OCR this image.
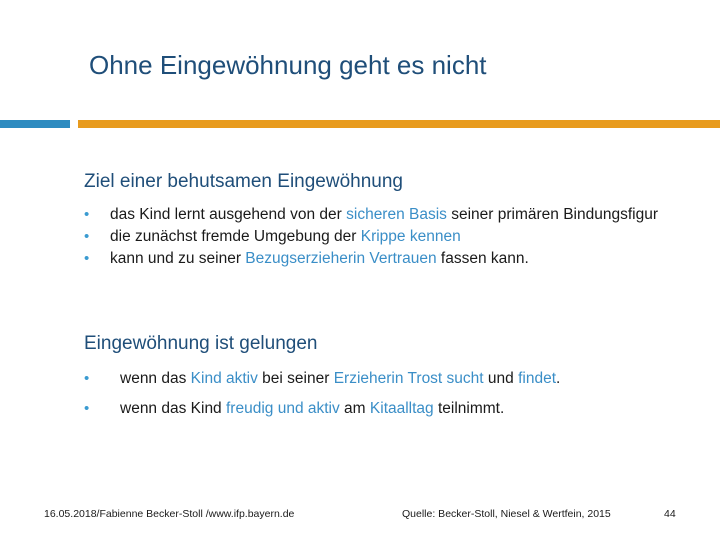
Ohne Eingewöhnung geht es nicht
Ziel einer behutsamen Eingewöhnung
•	das Kind lernt ausgehend von der sicheren Basis seiner primären Bindungsfigur
•	die zunächst fremde Umgebung der Krippe kennen
•	kann und zu seiner Bezugserzieherin Vertrauen fassen kann.
Eingewöhnung ist gelungen
•	wenn das Kind aktiv bei seiner Erzieherin Trost sucht und findet.
•	wenn das Kind freudig und aktiv am Kitaalltag teilnimmt.
16.05.2018/Fabienne Becker-Stoll /www.ifp.bayern.de	Quelle: Becker-Stoll, Niesel & Wertfein, 2015	44
